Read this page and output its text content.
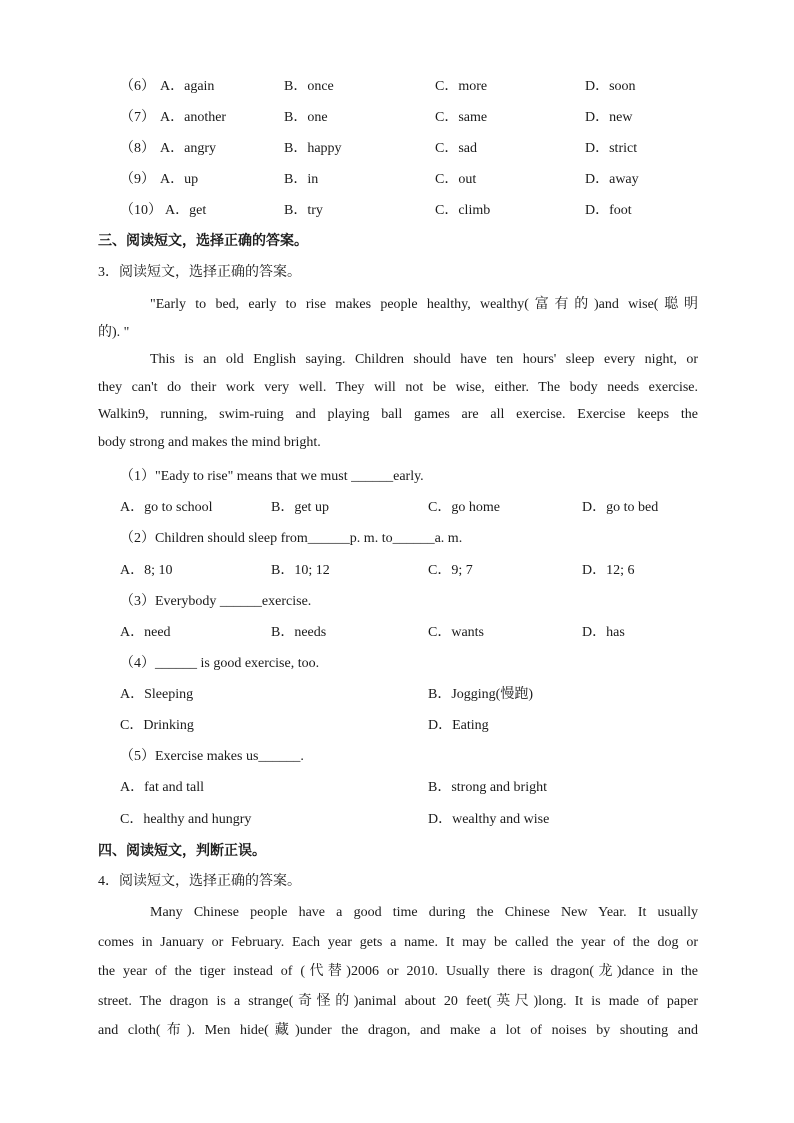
（6） A．again	B．once	C．more	D．soon
（7） A．another	B．one	C．same	D．new
（8） A．angry	B．happy	C．sad	D．strict
（9） A．up	B．in	C．out	D．away
（10） A．get	B．try	C．climb	D．foot
三、阅读短文，选择正确的答案。
3．阅读短文，选择正确的答案。

"Early to bed, early to rise makes people healthy, wealthy(富有的)and wise(聪明

的). "

This is an old English saying. Children should have ten hours' sleep every night, or

they can't do their work very well. They will not be wise, either. The body needs exercise.

Walkin9, running, swim-ruing and playing ball games are all exercise. Exercise keeps the

body strong and makes the mind bright.

（1）"Eady to rise" means that we must ______early.
A．go to school	B．get up	C．go home	D．go to bed
（2）Children should sleep from______p. m. to______a. m.
A．8; 10	B．10; 12	C．9; 7	D．12; 6
（3）Everybody ______exercise.
A．need	B．needs	C．wants	D．has
（4）______ is good exercise, too.
A．Sleeping	B．Jogging(慢跑)
C．Drinking	D．Eating
（5）Exercise makes us______.
A．fat and tall	B．strong and bright
C．healthy and hungry	D．wealthy and wise
四、阅读短文，判断正误。
4．阅读短文，选择正确的答案。

Many Chinese people have a good time during the Chinese New Year. It usually

comes in January or February. Each year gets a name. It may be called the year of the dog or

the year of the tiger instead of (代替)2006 or 2010. Usually there is dragon(龙)dance in the

street. The dragon is a strange(奇怪的)animal about 20 feet(英尺)long. It is made of paper

and cloth(布). Men hide(藏)under the dragon, and make a lot of noises by shouting and
